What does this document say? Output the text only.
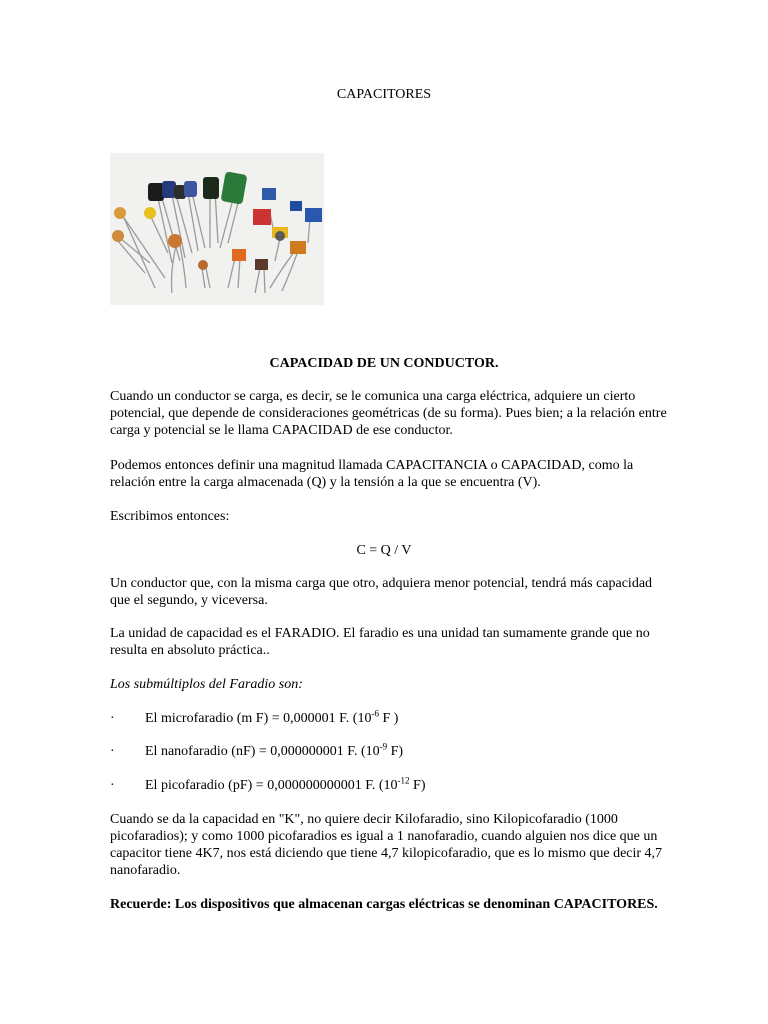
CAPACITORES
CAPACIDAD DE UN CONDUCTOR.
Cuando un conductor se carga, es decir, se le comunica una carga eléctrica, adquiere un cierto potencial, que depende de consideraciones geométricas (de su forma). Pues bien; a la relación entre carga y potencial se le llama CAPACIDAD de ese conductor.
Podemos entonces definir una magnitud llamada CAPACITANCIA o CAPACIDAD, como la relación entre la carga almacenada (Q) y la tensión a la que se encuentra (V).
Escribimos entonces:
C = Q / V
Un conductor que, con la misma carga que otro, adquiera menor potencial, tendrá más capacidad que el segundo, y viceversa.
La unidad de capacidad es el FARADIO. El faradio es una unidad tan sumamente grande que no resulta en absoluto práctica..
Los submúltiplos del Faradio son:
· El microfaradio (m F) = 0,000001 F. ($10^{-6}$ F )
· El nanofaradio (nF) = 0,000000001 F. ($10^{-9}$ F)
· El picofaradio (pF) = 0,000000000001 F. ($10^{-12}$ F)
Cuando se da la capacidad en "K", no quiere decir Kilofaradio, sino Kilopicofaradio (1000 picofaradios); y como 1000 picofaradios es igual a 1 nanofaradio, cuando alguien nos dice que un capacitor tiene 4K7, nos está diciendo que tiene 4,7 kilopicofaradio, que es lo mismo que decir 4,7 nanofaradio.
Recuerde: Los dispositivos que almacenan cargas eléctricas se denominan CAPACITORES.
